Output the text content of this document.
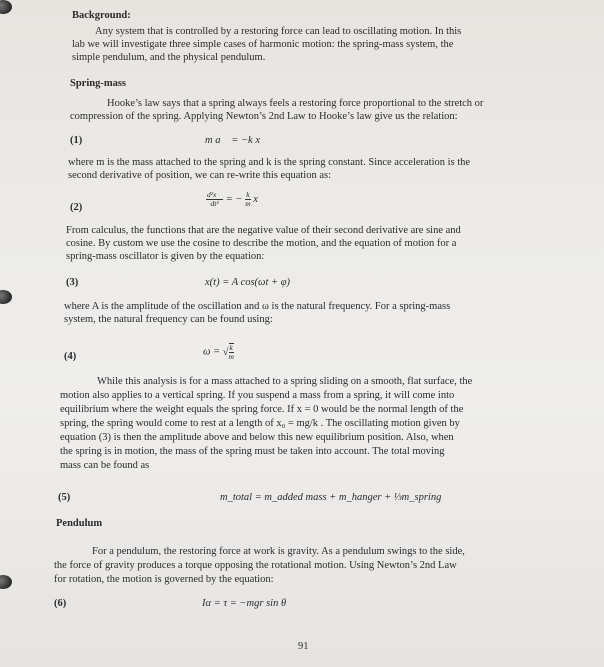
Background:
Any system that is controlled by a restoring force can lead to oscillating motion. In this
lab we will investigate three simple cases of harmonic motion: the spring-mass system, the
simple pendulum, and the physical pendulum.
Spring-mass
Hooke’s law says that a spring always feels a restoring force proportional to the stretch or
compression of the spring. Applying Newton’s 2nd Law to Hooke’s law give us the relation:
(1)	m a⃗ = −k x⃗
where m is the mass attached to the spring and k is the spring constant. Since acceleration is the
second derivative of position, we can re-write this equation as:
(2)	$\frac{\text{d²x⃗}}{\text{dt²}}$ = − $\frac{k}{m}$ x⃗
From calculus, the functions that are the negative value of their second derivative are sine and
cosine. By custom we use the cosine to describe the motion, and the equation of motion for a
spring-mass oscillator is given by the equation:
(3)	x(t) = A cos(ωt + φ)
where A is the amplitude of the oscillation and ω is the natural frequency. For a spring-mass
system, the natural frequency can be found using:
(4)	ω = √ $\frac{k}{m}$
While this analysis is for a mass attached to a spring sliding on a smooth, flat surface, the
motion also applies to a vertical spring. If you suspend a mass from a spring, it will come into
equilibrium where the weight equals the spring force. If x = 0 would be the normal length of the
spring, the spring would come to rest at a length of x₀ = mg/k . The oscillating motion given by
equation (3) is then the amplitude above and below this new equilibrium position. Also, when
the spring is in motion, the mass of the spring must be taken into account. The total moving
mass can be found as
(5)	m_total = m_added mass + m_hanger + ⅓m_spring
Pendulum
For a pendulum, the restoring force at work is gravity. As a pendulum swings to the side,
the force of gravity produces a torque opposing the rotational motion. Using Newton’s 2nd Law
for rotation, the motion is governed by the equation:
(6)	Iα = τ = −mgr sin θ
91
